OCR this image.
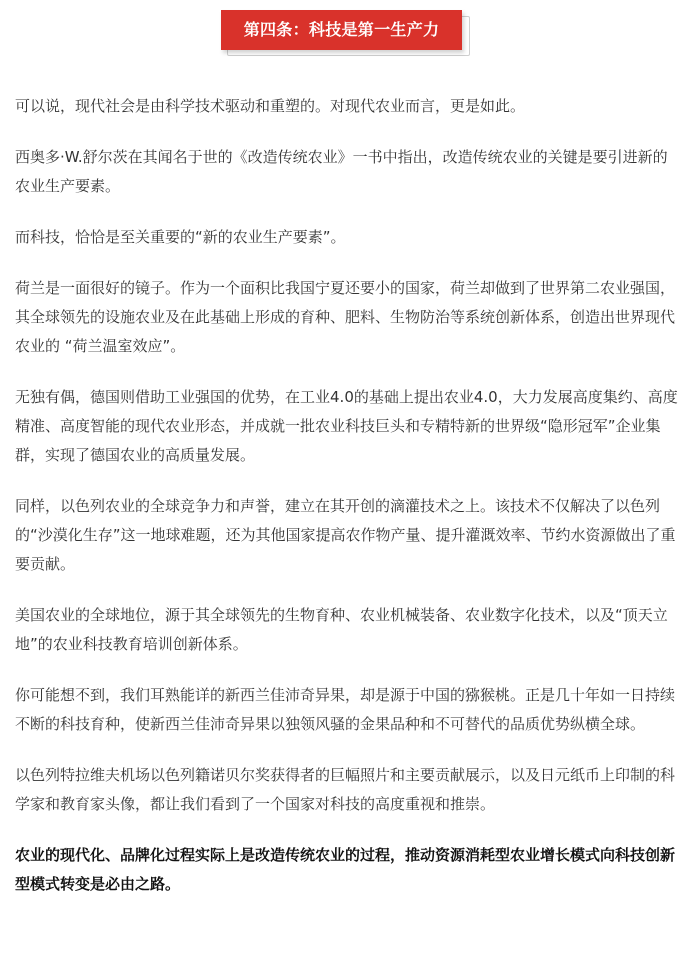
第四条：科技是第一生产力

可以说，现代社会是由科学技术驱动和重塑的。对现代农业而言，更是如此。

西奥多·W.舒尔茨在其闻名于世的《改造传统农业》一书中指出，改造传统农业的关键是要引进新的农业生产要素。

而科技，恰恰是至关重要的“新的农业生产要素”。

荷兰是一面很好的镜子。作为一个面积比我国宁夏还要小的国家，荷兰却做到了世界第二农业强国，其全球领先的设施农业及在此基础上形成的育种、肥料、生物防治等系统创新体系，创造出世界现代农业的 “荷兰温室效应”。

无独有偶，德国则借助工业强国的优势，在工业4.0的基础上提出农业4.0，大力发展高度集约、高度精准、高度智能的现代农业形态，并成就一批农业科技巨头和专精特新的世界级“隐形冠军”企业集群，实现了德国农业的高质量发展。

同样，以色列农业的全球竞争力和声誉，建立在其开创的滴灌技术之上。该技术不仅解决了以色列的“沙漠化生存”这一地球难题，还为其他国家提高农作物产量、提升灌溉效率、节约水资源做出了重要贡献。

美国农业的全球地位，源于其全球领先的生物育种、农业机械装备、农业数字化技术，以及“顶天立地”的农业科技教育培训创新体系。

你可能想不到，我们耳熟能详的新西兰佳沛奇异果，却是源于中国的猕猴桃。正是几十年如一日持续不断的科技育种，使新西兰佳沛奇异果以独领风骚的金果品种和不可替代的品质优势纵横全球。

以色列特拉维夫机场以色列籍诺贝尔奖获得者的巨幅照片和主要贡献展示，以及日元纸币上印制的科学家和教育家头像，都让我们看到了一个国家对科技的高度重视和推崇。

农业的现代化、品牌化过程实际上是改造传统农业的过程，推动资源消耗型农业增长模式向科技创新型模式转变是必由之路。
